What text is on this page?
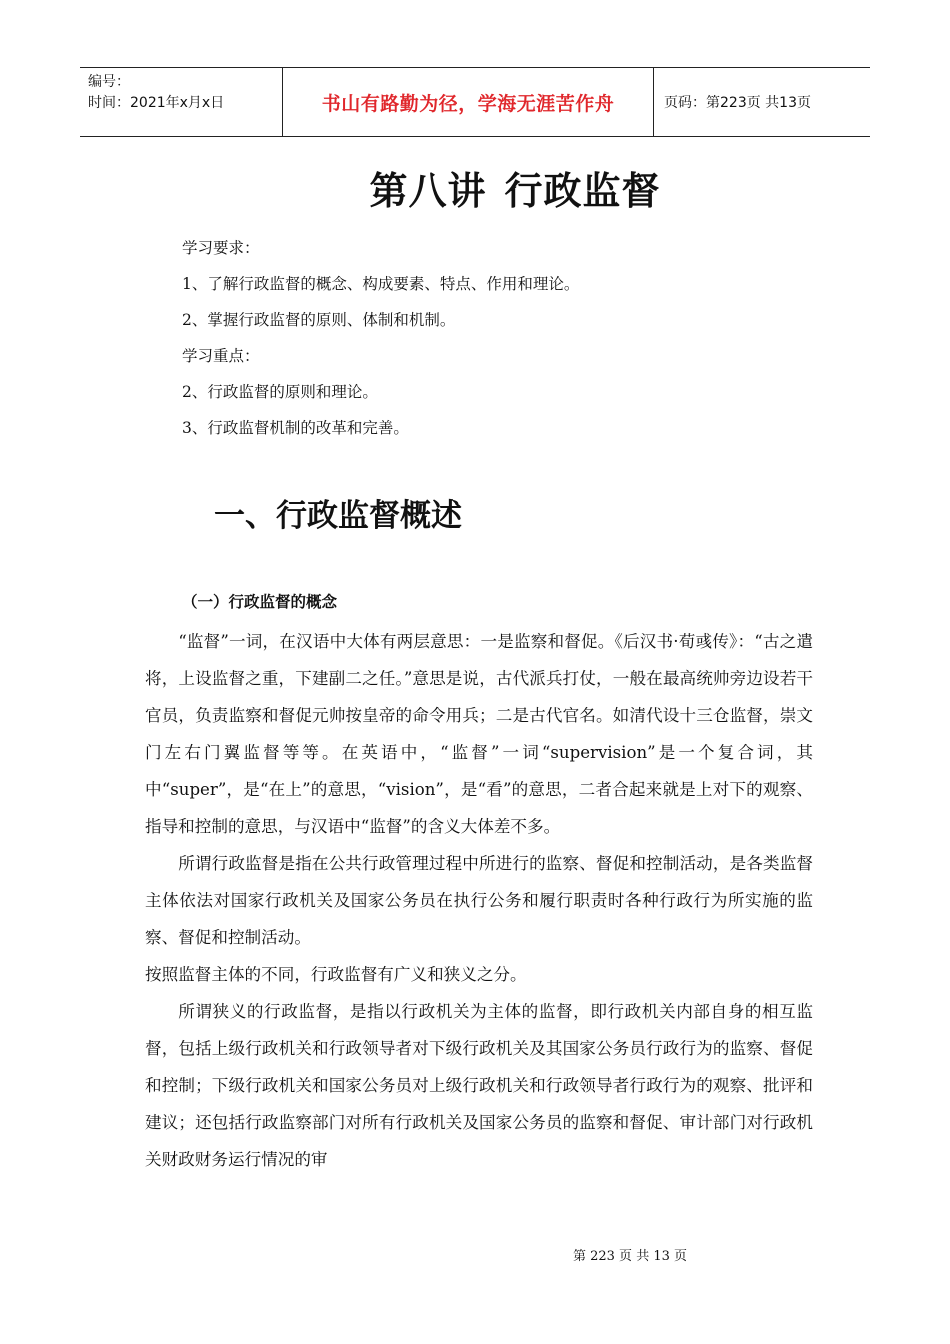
编号：
时间：2021年x月x日	书山有路勤为径，学海无涯苦作舟	页码：第223页 共13页
第八讲 行政监督
学习要求：
1、了解行政监督的概念、构成要素、特点、作用和理论。
2、掌握行政监督的原则、体制和机制。
学习重点：
2、行政监督的原则和理论。
3、行政监督机制的改革和完善。
一、行政监督概述
（一）行政监督的概念

“监督”一词，在汉语中大体有两层意思：一是监察和督促。《后汉书·荀彧传》：“古之遣将，上设监督之重，下建副二之任。”意思是说，古代派兵打仗，一般在最高统帅旁边设若干官员，负责监察和督促元帅按皇帝的命令用兵；二是古代官名。如清代设十三仓监督，崇文门左右门翼监督等等。在英语中，“监督”一词“supervision”是一个复合词，其中“super”，是“在上”的意思，“vision”，是“看”的意思，二者合起来就是上对下的观察、指导和控制的意思，与汉语中“监督”的含义大体差不多。

所谓行政监督是指在公共行政管理过程中所进行的监察、督促和控制活动，是各类监督主体依法对国家行政机关及国家公务员在执行公务和履行职责时各种行政行为所实施的监察、督促和控制活动。

按照监督主体的不同，行政监督有广义和狭义之分。

所谓狭义的行政监督，是指以行政机关为主体的监督，即行政机关内部自身的相互监督，包括上级行政机关和行政领导者对下级行政机关及其国家公务员行政行为的监察、督促和控制；下级行政机关和国家公务员对上级行政机关和行政领导者行政行为的观察、批评和建议；还包括行政监察部门对所有行政机关及国家公务员的监察和督促、审计部门对行政机关财政财务运行情况的审

第 223 页 共 13 页
